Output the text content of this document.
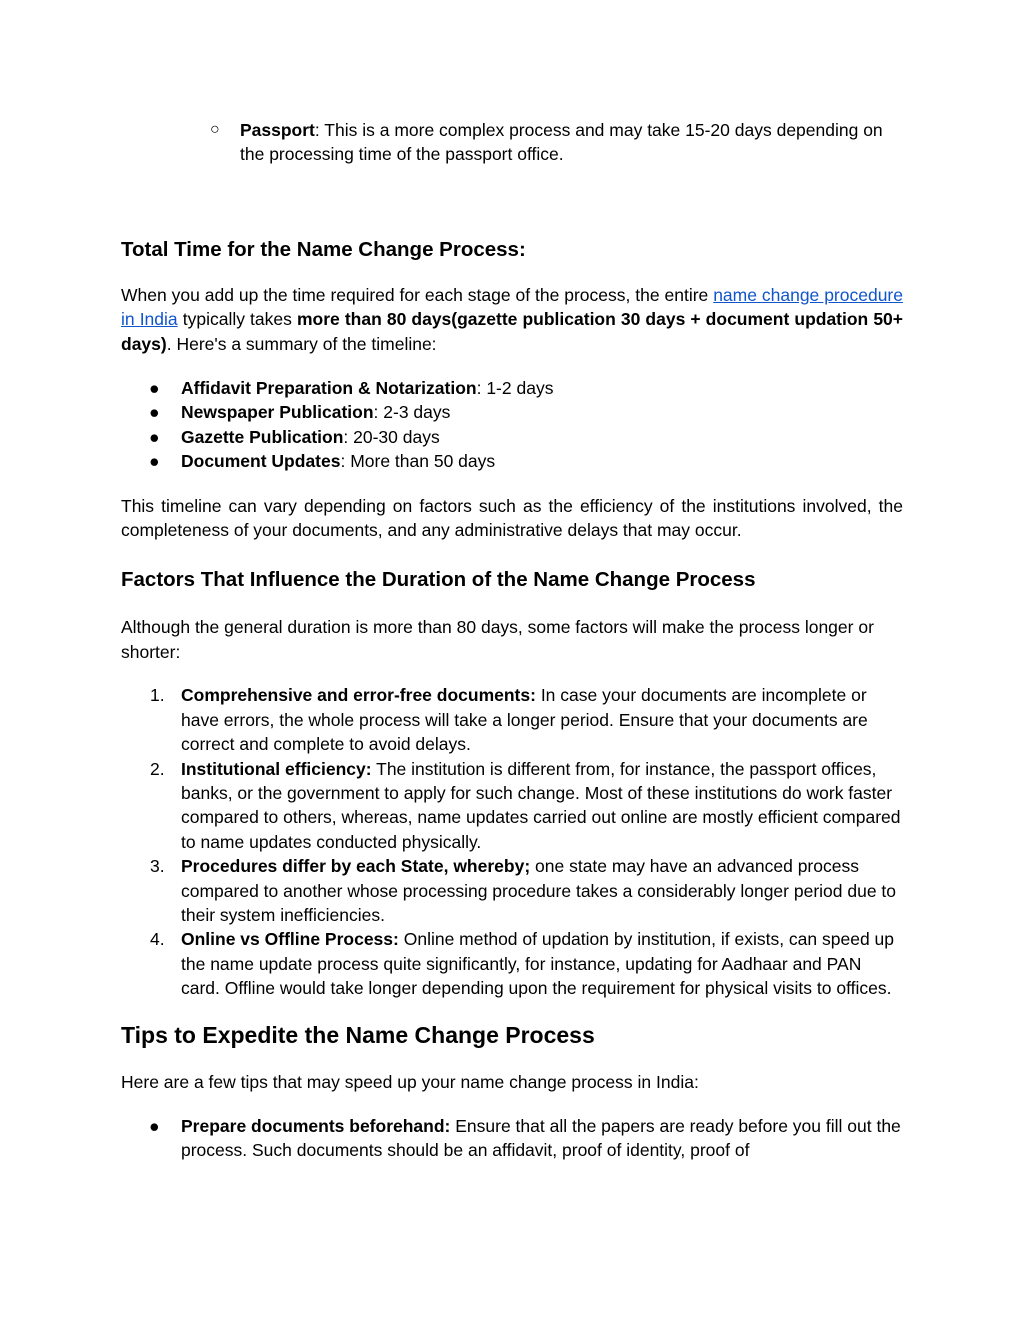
○ Passport: This is a more complex process and may take 15-20 days depending on the processing time of the passport office.
Total Time for the Name Change Process:

When you add up the time required for each stage of the process, the entire name change procedure in India typically takes more than 80 days(gazette publication 30 days + document updation 50+ days). Here's a summary of the timeline:

● Affidavit Preparation & Notarization: 1-2 days
● Newspaper Publication: 2-3 days
● Gazette Publication: 20-30 days
● Document Updates: More than 50 days

This timeline can vary depending on factors such as the efficiency of the institutions involved, the completeness of your documents, and any administrative delays that may occur.

Factors That Influence the Duration of the Name Change Process

Although the general duration is more than 80 days, some factors will make the process longer or shorter:

1. Comprehensive and error-free documents: In case your documents are incomplete or have errors, the whole process will take a longer period. Ensure that your documents are correct and complete to avoid delays.
2. Institutional efficiency: The institution is different from, for instance, the passport offices, banks, or the government to apply for such change. Most of these institutions do work faster compared to others, whereas, name updates carried out online are mostly efficient compared to name updates conducted physically.
3. Procedures differ by each State, whereby; one state may have an advanced process compared to another whose processing procedure takes a considerably longer period due to their system inefficiencies.
4. Online vs Offline Process: Online method of updation by institution, if exists, can speed up the name update process quite significantly, for instance, updating for Aadhaar and PAN card. Offline would take longer depending upon the requirement for physical visits to offices.
Tips to Expedite the Name Change Process

Here are a few tips that may speed up your name change process in India:

● Prepare documents beforehand: Ensure that all the papers are ready before you fill out the process. Such documents should be an affidavit, proof of identity, proof of
